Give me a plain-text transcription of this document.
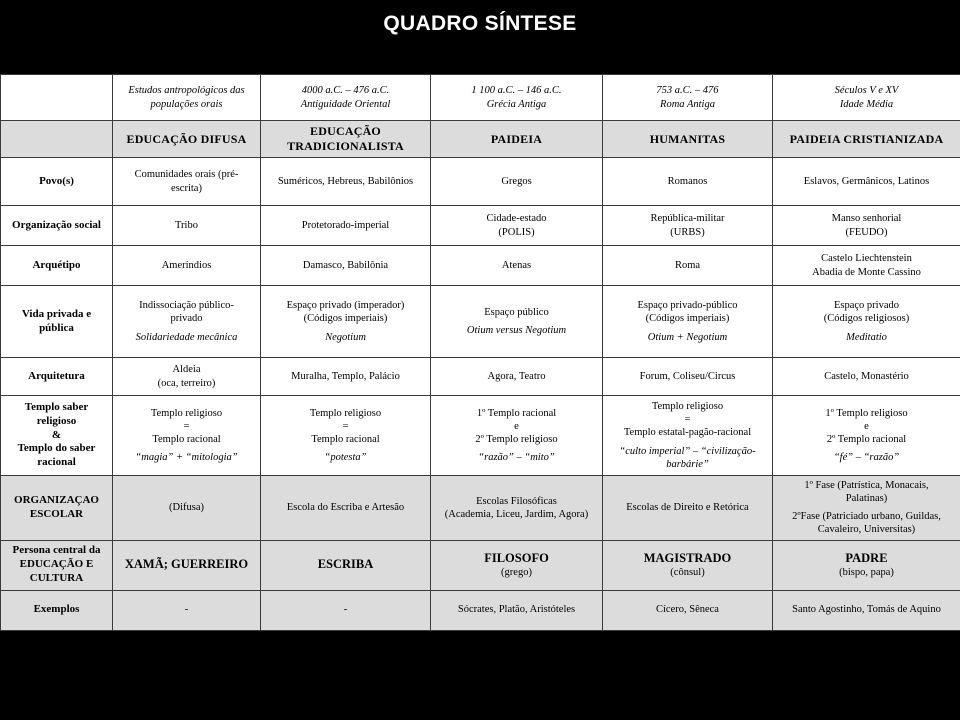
QUADRO SÍNTESE

	Estudos antropológicos das
populações orais	4000 a.C. – 476 a.C.
Antiguidade Oriental	1 100 a.C. – 146 a.C.
Grécia Antiga	753 a.C. – 476
Roma Antiga	Séculos V e XV
Idade Média

	EDUCAÇÃO DIFUSA	EDUCAÇÃO
TRADICIONALISTA	PAIDEIA	HUMANITAS	PAIDEIA CRISTIANIZADA

Povo(s)	Comunidades orais (pré-
escrita)	Suméricos, Hebreus, Babilônios	Gregos	Romanos	Eslavos, Germânicos, Latinos

Organização social	Tribo	Protetorado-imperial	Cidade-estado
(POLIS)	República-militar
(URBS)	Manso senhorial
(FEUDO)

Arquétipo	Ameríndios	Damasco, Babilônia	Atenas	Roma	Castelo Liechtenstein
Abadia de Monte Cassino

Vida privada e
pública	Indissociação público-
privado
Solidariedade mecânica	Espaço privado (imperador)
(Códigos imperiais)
Negotium	Espaço público
Otium versus Negotium	Espaço privado-público
(Códigos imperiais)
Otium + Negotium	Espaço privado
(Códigos religiosos)
Meditatio

Arquitetura	Aldeia
(oca, terreiro)	Muralha, Templo, Palácio	Agora, Teatro	Forum, Coliseu/Circus	Castelo, Monastério

Templo saber
religioso
&
Templo do saber
racional	Templo religioso
=
Templo racional
“magia” + “mitologia”	Templo religioso
=
Templo racional
“potesta”	1º Templo racional
e
2º Templo religioso
“razão” – “mito”	Templo religioso
=
Templo estatal-pagão-racional
“culto imperial” – “civilização-barbárie”	1º Templo religioso
e
2º Templo racional
“fé” – “razão”

ORGANIZAÇAO
ESCOLAR	(Difusa)	Escola do Escriba e Artesão	Escolas Filosóficas
(Academia, Liceu, Jardim, Agora)	Escolas de Direito e Retórica	1º Fase (Patrística, Monacais,
Palatinas)
2ºFase (Patriciado urbano, Guildas,
Cavaleiro, Universitas)

Persona central da
EDUCAÇÃO E
CULTURA	XAMÃ; GUERREIRO	ESCRIBA	FILOSOFO
(grego)	MAGISTRADO
(cônsul)	PADRE
(bispo, papa)

Exemplos	-	-	Sócrates, Platão, Aristóteles	Cícero, Sêneca	Santo Agostinho, Tomás de Aquino
